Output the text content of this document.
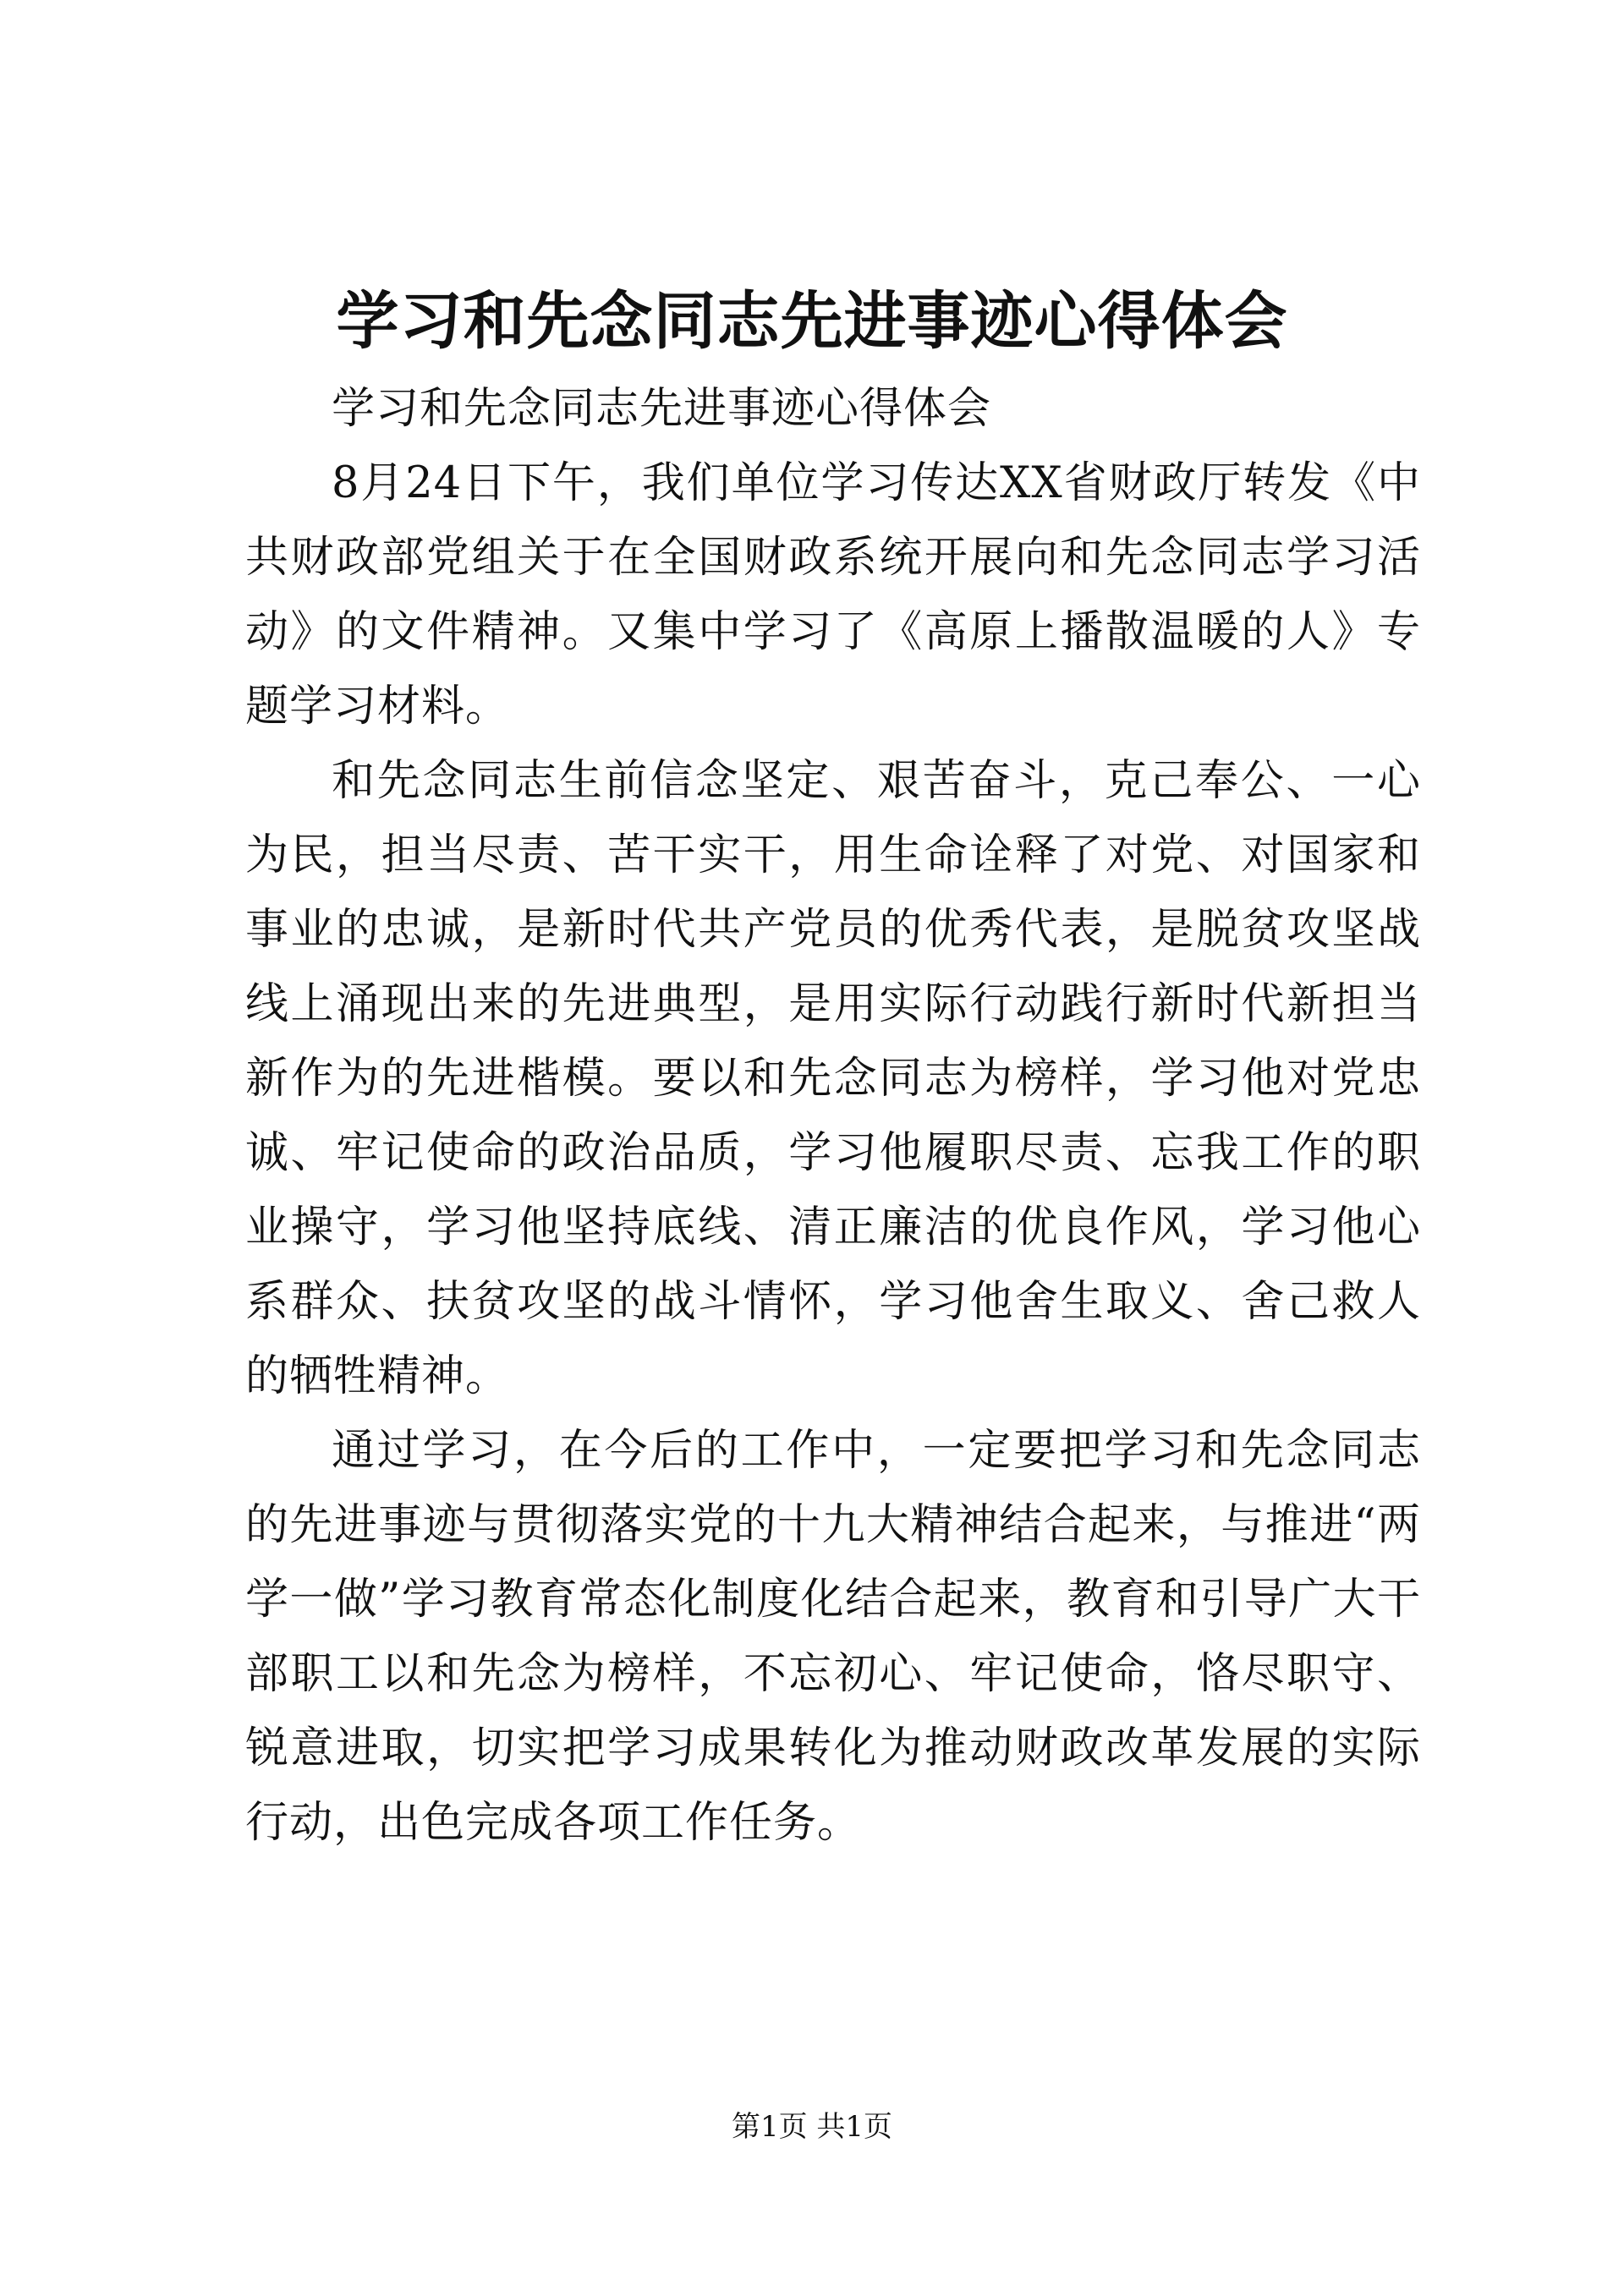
学习和先念同志先进事迹心得体会

学习和先念同志先进事迹心得体会

8月24日下午，我们单位学习传达XX省财政厅转发《中共财政部党组关于在全国财政系统开展向和先念同志学习活动》的文件精神。又集中学习了《高原上播散温暖的人》专题学习材料。

和先念同志生前信念坚定、艰苦奋斗，克己奉公、一心为民，担当尽责、苦干实干，用生命诠释了对党、对国家和事业的忠诚，是新时代共产党员的优秀代表，是脱贫攻坚战线上涌现出来的先进典型，是用实际行动践行新时代新担当新作为的先进楷模。要以和先念同志为榜样，学习他对党忠诚、牢记使命的政治品质，学习他履职尽责、忘我工作的职业操守，学习他坚持底线、清正廉洁的优良作风，学习他心系群众、扶贫攻坚的战斗情怀，学习他舍生取义、舍己救人的牺牲精神。

通过学习，在今后的工作中，一定要把学习和先念同志的先进事迹与贯彻落实党的十九大精神结合起来，与推进“两学一做”学习教育常态化制度化结合起来，教育和引导广大干部职工以和先念为榜样，不忘初心、牢记使命，恪尽职守、锐意进取，切实把学习成果转化为推动财政改革发展的实际行动，出色完成各项工作任务。

第1页 共1页
